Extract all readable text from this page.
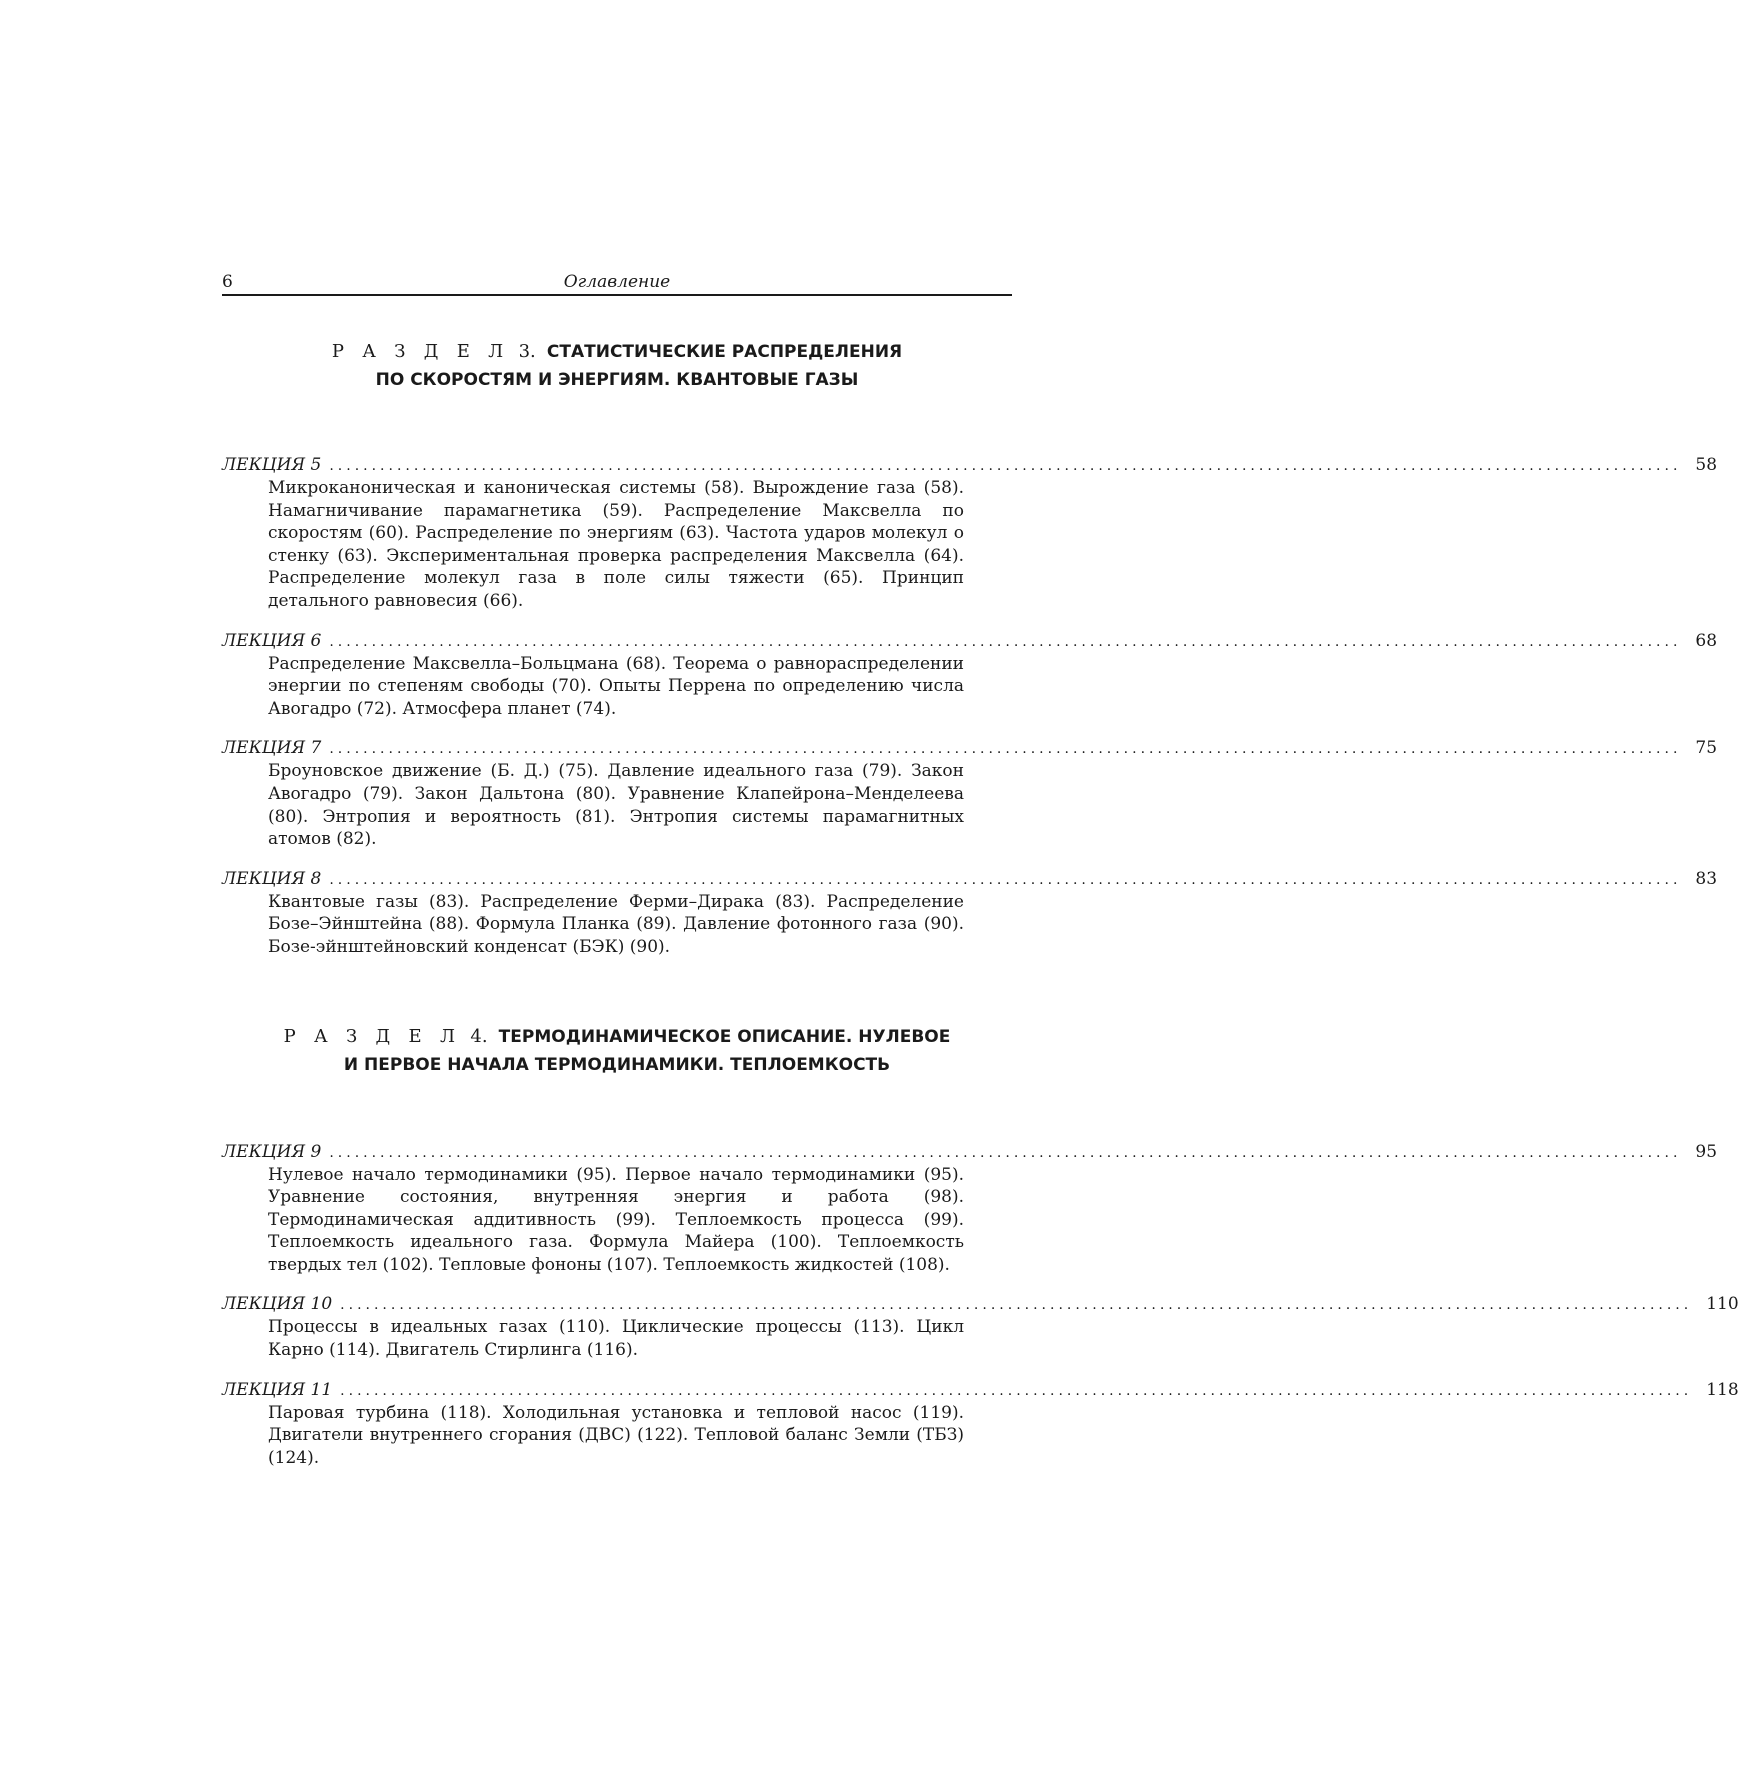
6	Оглавление
Р А З Д Е Л 3. СТАТИСТИЧЕСКИЕ РАСПРЕДЕЛЕНИЯ
ПО СКОРОСТЯМ И ЭНЕРГИЯМ. КВАНТОВЫЕ ГАЗЫ
ЛЕКЦИЯ 5 ................................................................................................................................................................ 58
Микроканоническая и каноническая системы (58). Вырождение газа (58). Намагничивание парамагнетика (59). Распределение Максвелла по скоростям (60). Распределение по энергиям (63). Частота ударов молекул о стенку (63). Экспериментальная проверка распределения Максвелла (64). Распределение молекул газа в поле силы тяжести (65). Принцип детального равновесия (66).
ЛЕКЦИЯ 6 ................................................................................................................................................................ 68
Распределение Максвелла–Больцмана (68). Теорема о равнораспределении энергии по степеням свободы (70). Опыты Перрена по определению числа Авогадро (72). Атмосфера планет (74).
ЛЕКЦИЯ 7 ................................................................................................................................................................ 75
Броуновское движение (Б. Д.) (75). Давление идеального газа (79). Закон Авогадро (79). Закон Дальтона (80). Уравнение Клапейрона–Менделеева (80). Энтропия и вероятность (81). Энтропия системы парамагнитных атомов (82).
ЛЕКЦИЯ 8 ................................................................................................................................................................ 83
Квантовые газы (83). Распределение Ферми–Дирака (83). Распределение Бозе–Эйнштейна (88). Формула Планка (89). Давление фотонного газа (90). Бозе-эйнштейновский конденсат (БЭК) (90).
Р А З Д Е Л 4. ТЕРМОДИНАМИЧЕСКОЕ ОПИСАНИЕ. НУЛЕВОЕ
И ПЕРВОЕ НАЧАЛА ТЕРМОДИНАМИКИ. ТЕПЛОЕМКОСТЬ
ЛЕКЦИЯ 9 ................................................................................................................................................................ 95
Нулевое начало термодинамики (95). Первое начало термодинамики (95). Уравнение состояния, внутренняя энергия и работа (98). Термодинамическая аддитивность (99). Теплоемкость процесса (99). Теплоемкость идеального газа. Формула Майера (100). Теплоемкость твердых тел (102). Тепловые фононы (107). Теплоемкость жидкостей (108).
ЛЕКЦИЯ 10 ................................................................................................................................................................ 110
Процессы в идеальных газах (110). Циклические процессы (113). Цикл Карно (114). Двигатель Стирлинга (116).
ЛЕКЦИЯ 11 ................................................................................................................................................................ 118
Паровая турбина (118). Холодильная установка и тепловой насос (119). Двигатели внутреннего сгорания (ДВС) (122). Тепловой баланс Земли (ТБЗ) (124).
